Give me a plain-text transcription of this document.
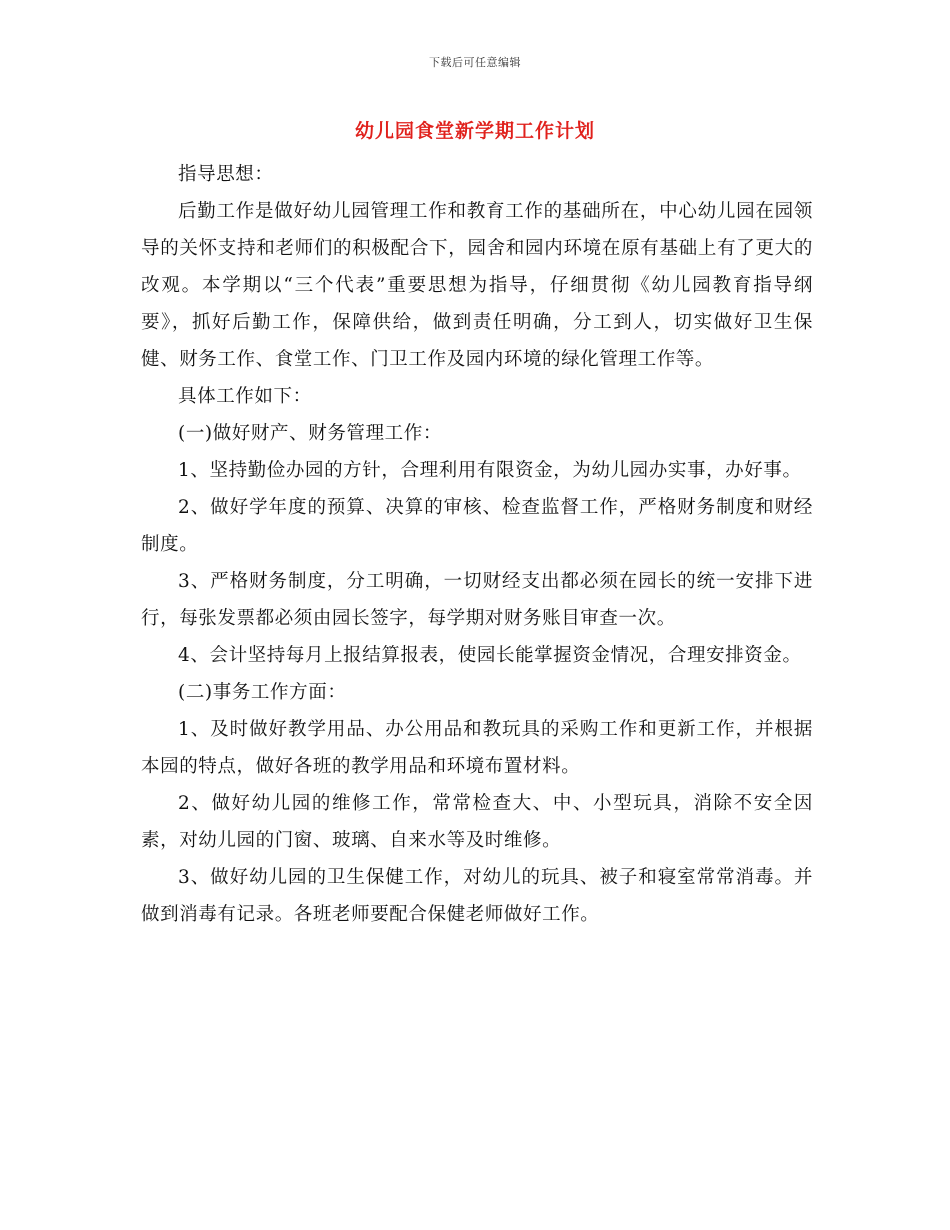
下载后可任意编辑
幼儿园食堂新学期工作计划

指导思想：

后勤工作是做好幼儿园管理工作和教育工作的基础所在，中心幼儿园在园领导的关怀支持和老师们的积极配合下，园舍和园内环境在原有基础上有了更大的改观。本学期以“三个代表”重要思想为指导，仔细贯彻《幼儿园教育指导纲要》，抓好后勤工作，保障供给，做到责任明确，分工到人，切实做好卫生保健、财务工作、食堂工作、门卫工作及园内环境的绿化管理工作等。

具体工作如下：

(一)做好财产、财务管理工作：

1、坚持勤俭办园的方针，合理利用有限资金，为幼儿园办实事，办好事。

2、做好学年度的预算、决算的审核、检查监督工作，严格财务制度和财经制度。

3、严格财务制度，分工明确，一切财经支出都必须在园长的统一安排下进行，每张发票都必须由园长签字，每学期对财务账目审查一次。

4、会计坚持每月上报结算报表，使园长能掌握资金情况，合理安排资金。

(二)事务工作方面：

1、及时做好教学用品、办公用品和教玩具的采购工作和更新工作，并根据本园的特点，做好各班的教学用品和环境布置材料。

2、做好幼儿园的维修工作，常常检查大、中、小型玩具，消除不安全因素，对幼儿园的门窗、玻璃、自来水等及时维修。

3、做好幼儿园的卫生保健工作，对幼儿的玩具、被子和寝室常常消毒。并做到消毒有记录。各班老师要配合保健老师做好工作。
